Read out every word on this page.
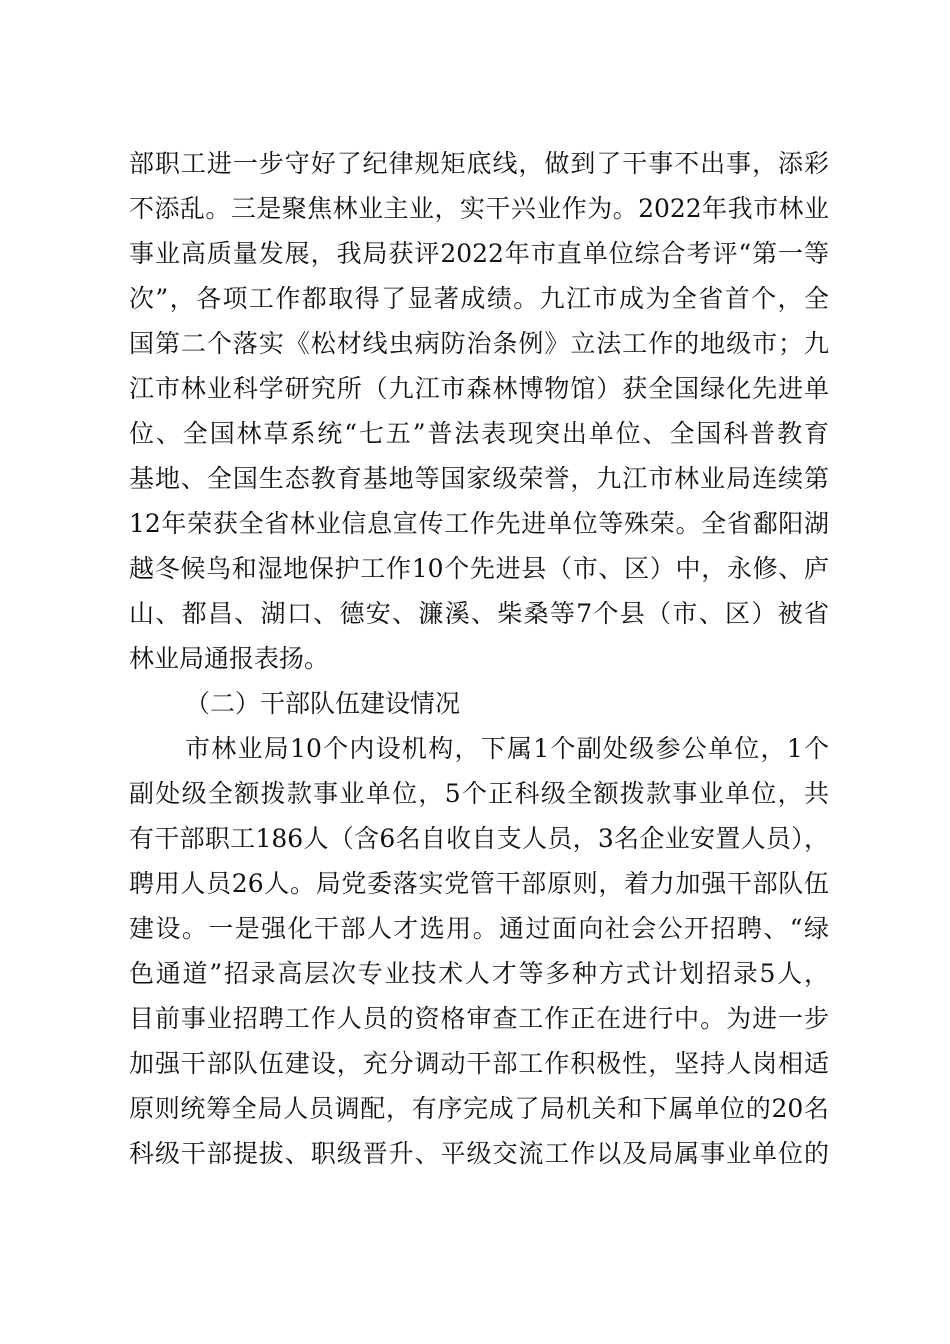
部职工进一步守好了纪律规矩底线，做到了干事不出事，添彩
不添乱。三是聚焦林业主业，实干兴业作为。2022年我市林业
事业高质量发展，我局获评2022年市直单位综合考评“第一等
次”，各项工作都取得了显著成绩。九江市成为全省首个，全
国第二个落实《松材线虫病防治条例》立法工作的地级市；九
江市林业科学研究所（九江市森林博物馆）获全国绿化先进单
位、全国林草系统“七五”普法表现突出单位、全国科普教育
基地、全国生态教育基地等国家级荣誉，九江市林业局连续第
12年荣获全省林业信息宣传工作先进单位等殊荣。全省鄱阳湖
越冬候鸟和湿地保护工作10个先进县（市、区）中，永修、庐
山、都昌、湖口、德安、濂溪、柴桑等7个县（市、区）被省
林业局通报表扬。
（二）干部队伍建设情况
市林业局10个内设机构，下属1个副处级参公单位，1个
副处级全额拨款事业单位，5个正科级全额拨款事业单位，共
有干部职工186人（含6名自收自支人员，3名企业安置人员），
聘用人员26人。局党委落实党管干部原则，着力加强干部队伍
建设。一是强化干部人才选用。通过面向社会公开招聘、“绿
色通道”招录高层次专业技术人才等多种方式计划招录5人，
目前事业招聘工作人员的资格审查工作正在进行中。为进一步
加强干部队伍建设，充分调动干部工作积极性，坚持人岗相适
原则统筹全局人员调配，有序完成了局机关和下属单位的20名
科级干部提拔、职级晋升、平级交流工作以及局属事业单位的
